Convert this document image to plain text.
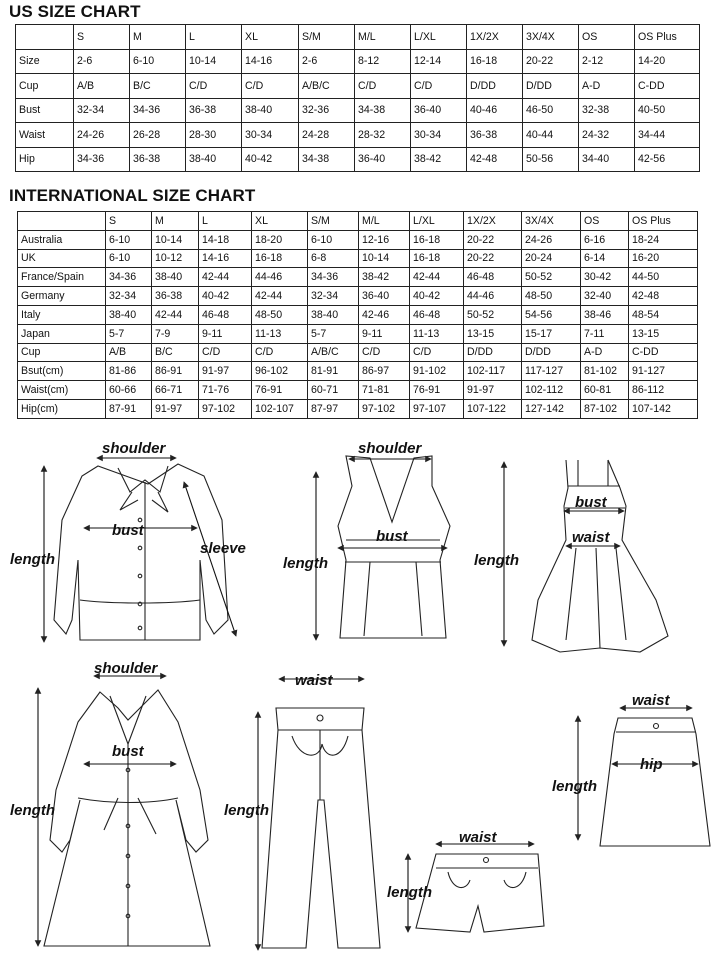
US SIZE CHART
	S	M	L	XL	S/M	M/L	L/XL	1X/2X	3X/4X	OS	OS Plus
Size	2-6	6-10	10-14	14-16	2-6	8-12	12-14	16-18	20-22	2-12	14-20
Cup	A/B	B/C	C/D	C/D	A/B/C	C/D	C/D	D/DD	D/DD	A-D	C-DD
Bust	32-34	34-36	36-38	38-40	32-36	34-38	36-40	40-46	46-50	32-38	40-50
Waist	24-26	26-28	28-30	30-34	24-28	28-32	30-34	36-38	40-44	24-32	34-44
Hip	34-36	36-38	38-40	40-42	34-38	36-40	38-42	42-48	50-56	34-40	42-56
INTERNATIONAL SIZE CHART
	S	M	L	XL	S/M	M/L	L/XL	1X/2X	3X/4X	OS	OS Plus
Australia	6-10	10-14	14-18	18-20	6-10	12-16	16-18	20-22	24-26	6-16	18-24
UK	6-10	10-12	14-16	16-18	6-8	10-14	16-18	20-22	20-24	6-14	16-20
France/Spain	34-36	38-40	42-44	44-46	34-36	38-42	42-44	46-48	50-52	30-42	44-50
Germany	32-34	36-38	40-42	42-44	32-34	36-40	40-42	44-46	48-50	32-40	42-48
Italy	38-40	42-44	46-48	48-50	38-40	42-46	46-48	50-52	54-56	38-46	48-54
Japan	5-7	7-9	9-11	11-13	5-7	9-11	11-13	13-15	15-17	7-11	13-15
Cup	A/B	B/C	C/D	C/D	A/B/C	C/D	C/D	D/DD	D/DD	A-D	C-DD
Bsut(cm)	81-86	86-91	91-97	96-102	81-91	86-97	91-102	102-117	117-127	81-102	91-127
Waist(cm)	60-66	66-71	71-76	76-91	60-71	71-81	76-91	91-97	102-112	60-81	86-112
Hip(cm)	87-91	91-97	97-102	102-107	87-97	97-102	97-107	107-122	127-142	87-102	107-142
shoulder
bust
sleeve
length
shoulder
bust
length
bust
waist
length
shoulder
bust
length
waist
length
waist
length
waist
hip
length
